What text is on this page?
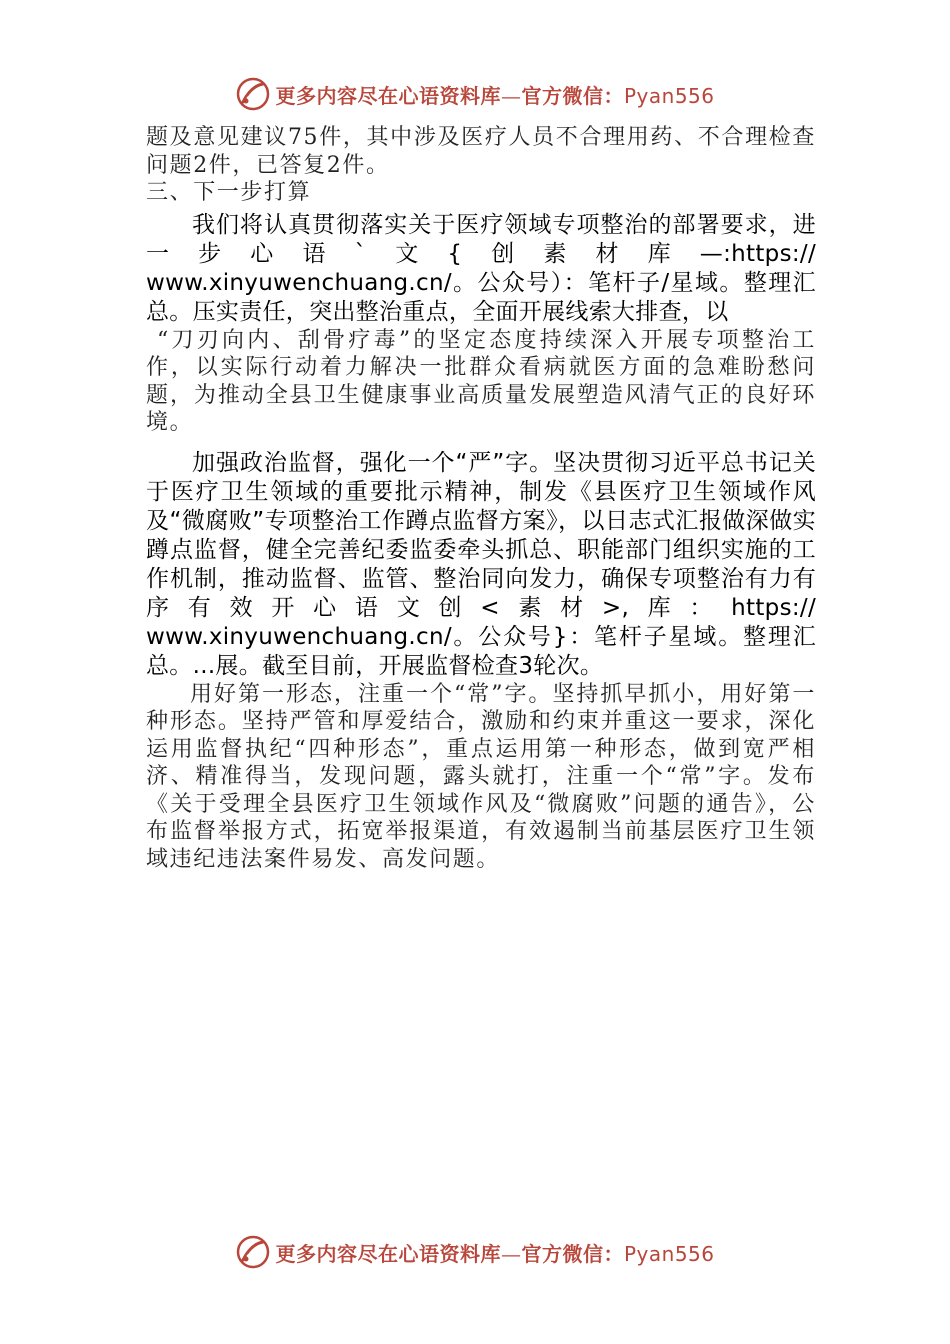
更多内容尽在心语资料库—官方微信：Pyan556

题及意见建议75件，其中涉及医疗人员不合理用药、不合理检查问题2件，已答复2件。

三、下一步打算

我们将认真贯彻落实关于医疗领域专项整治的部署要求，进一步心语`文{创素材库—:https://

www.xinyuwenchuang.cn/。公众号）：笔杆子/星域。整理汇总。压实责任，突出整治重点，全面开展线索大排查，以

“刀刃向内、刮骨疗毒”的坚定态度持续深入开展专项整治工作，以实际行动着力解决一批群众看病就医方面的急难盼愁问题，为推动全县卫生健康事业高质量发展塑造风清气正的良好环境。

加强政治监督，强化一个“严”字。坚决贯彻习近平总书记关于医疗卫生领域的重要批示精神，制发《县医疗卫生领域作风及“微腐败”专项整治工作蹲点监督方案》，以日志式汇报做深做实蹲点监督，健全完善纪委监委牵头抓总、职能部门组织实施的工作机制，推动监督、监管、整治同向发力，确保专项整治有力有序有效开心语文创<素材>,库：https://

www.xinyuwenchuang.cn/。公众号}：笔杆子星域。整理汇总。...展。截至目前，开展监督检查3轮次。

用好第一形态，注重一个“常”字。坚持抓早抓小，用好第一种形态。坚持严管和厚爱结合，激励和约束并重这一要求，深化运用监督执纪“四种形态”，重点运用第一种形态，做到宽严相济、精准得当，发现问题，露头就打，注重一个“常”字。发布《关于受理全县医疗卫生领域作风及“微腐败”问题的通告》，公布监督举报方式，拓宽举报渠道，有效遏制当前基层医疗卫生领域违纪违法案件易发、高发问题。

更多内容尽在心语资料库—官方微信：Pyan556
